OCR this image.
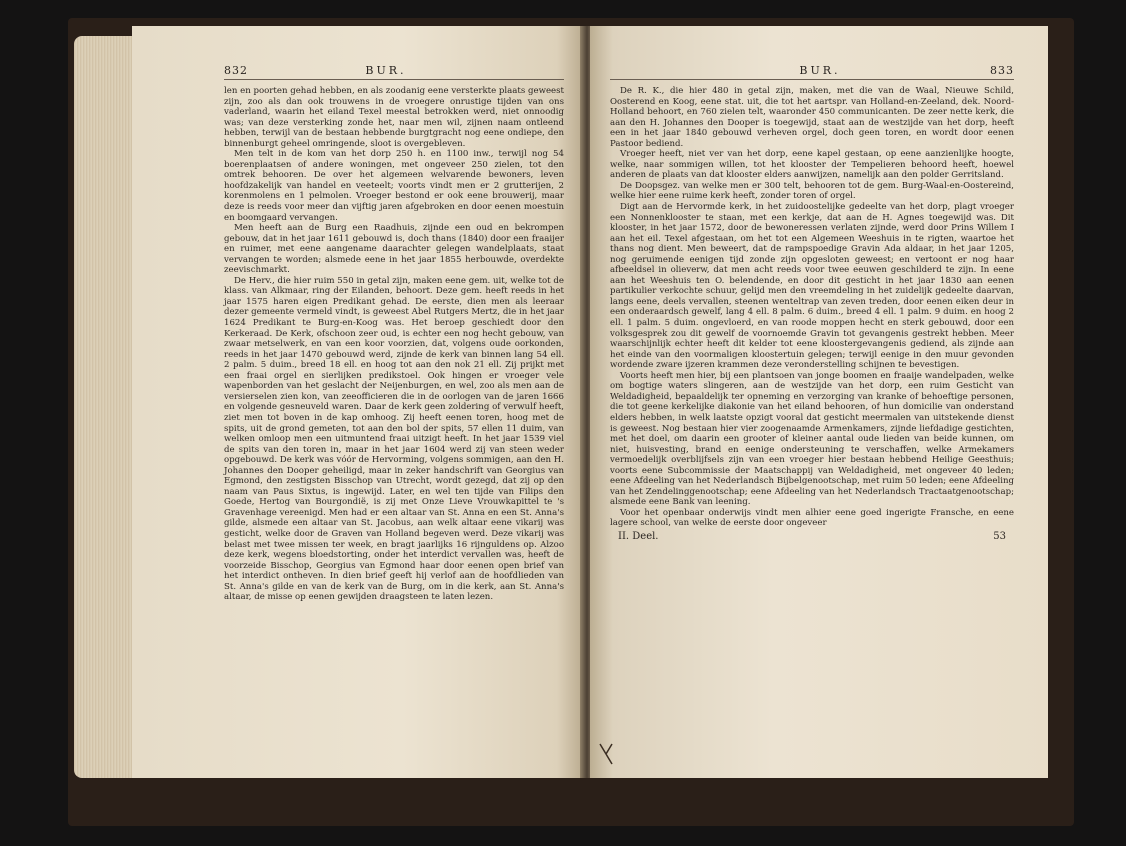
832	BUR.

len en poorten gehad hebben, en als zoodanig eene versterkte plaats geweest zijn, zoo als dan ook trouwens in de vroegere onrustige tijden van ons vaderland, waarin het eiland Texel meestal betrokken werd, niet onnoodig was; van deze versterking zonde het, naar men wil, zijnen naam ontleend hebben, terwijl van de bestaan hebbende burgtgracht nog eene ondiepe, den binnenburgt geheel omringende, sloot is overgebleven.

Men telt in de kom van het dorp 250 h. en 1100 inw., terwijl nog 54 boerenplaatsen of andere woningen, met ongeveer 250 zielen, tot den omtrek behooren. De over het algemeen welvarende bewoners, leven hoofdzakelijk van handel en veeteelt; voorts vindt men er 2 grutterijen, 2 korenmolens en 1 pelmolen. Vroeger bestond er ook eene brouwerij, maar deze is reeds voor meer dan vijftig jaren afgebroken en door eenen moestuin en boomgaard vervangen.

Men heeft aan de Burg een Raadhuis, zijnde een oud en bekrompen gebouw, dat in het jaar 1611 gebouwd is, doch thans (1840) door een fraaijer en ruimer, met eene aangename daarachter gelegen wandelplaats, staat vervangen te worden; alsmede eene in het jaar 1855 herbouwde, overdekte zeevischmarkt.

De Herv., die hier ruim 550 in getal zijn, maken eene gem. uit, welke tot de klass. van Alkmaar, ring der Eilanden, behoort. Deze gem. heeft reeds in het jaar 1575 haren eigen Predikant gehad. De eerste, dien men als leeraar dezer gemeente vermeld vindt, is geweest Abel Rutgers Mertz, die in het jaar 1624 Predikant te Burg-en-Koog was. Het beroep geschiedt door den Kerkeraad. De Kerk, ofschoon zeer oud, is echter een nog hecht gebouw, van zwaar metselwerk, en van een koor voorzien, dat, volgens oude oorkonden, reeds in het jaar 1470 gebouwd werd, zijnde de kerk van binnen lang 54 ell. 2 palm. 5 duim., breed 18 ell. en hoog tot aan den nok 21 ell. Zij prijkt met een fraai orgel en sierlijken predikstoel. Ook hingen er vroeger vele wapenborden van het geslacht der Neijenburgen, en wel, zoo als men aan de versierselen zien kon, van zeeofficieren die in de oorlogen van de jaren 1666 en volgende gesneuveld waren. Daar de kerk geen zoldering of verwulf heeft, ziet men tot boven in de kap omhoog. Zij heeft eenen toren, hoog met de spits, uit de grond gemeten, tot aan den bol der spits, 57 ellen 11 duim, van welken omloop men een uitmuntend fraai uitzigt heeft. In het jaar 1539 viel de spits van den toren in, maar in het jaar 1604 werd zij van steen weder opgebouwd. De kerk was vóór de Hervorming, volgens sommigen, aan den H. Johannes den Dooper geheiligd, maar in zeker handschrift van Georgius van Egmond, den zestigsten Bisschop van Utrecht, wordt gezegd, dat zij op den naam van Paus Sixtus, is ingewijd. Later, en wel ten tijde van Filips den Goede, Hertog van Bourgondië, is zij met Onze Lieve Vrouwkapittel te 's Gravenhage vereenigd. Men had er een altaar van St. Anna en een St. Anna's gilde, alsmede een altaar van St. Jacobus, aan welk altaar eene vikarij was gesticht, welke door de Graven van Holland begeven werd. Deze vikarij was belast met twee missen ter week, en bragt jaarlijks 16 rijnguldens op. Alzoo deze kerk, wegens bloedstorting, onder het interdict vervallen was, heeft de voorzeide Bisschop, Georgius van Egmond haar door eenen open brief van het interdict ontheven. In dien brief geeft hij verlof aan de hoofdlieden van St. Anna's gilde en van de kerk van de Burg, om in die kerk, aan St. Anna's altaar, de misse op eenen gewijden draagsteen te laten lezen.

BUR.	833

De R. K., die hier 480 in getal zijn, maken, met die van de Waal, Nieuwe Schild, Oosterend en Koog, eene stat. uit, die tot het aartspr. van Holland-en-Zeeland, dek. Noord-Holland behoort, en 760 zielen telt, waaronder 450 communicanten. De zeer nette kerk, die aan den H. Johannes den Dooper is toegewijd, staat aan de westzijde van het dorp, heeft een in het jaar 1840 gebouwd verheven orgel, doch geen toren, en wordt door eenen Pastoor bediend.

Vroeger heeft, niet ver van het dorp, eene kapel gestaan, op eene aanzienlijke hoogte, welke, naar sommigen willen, tot het klooster der Tempelieren behoord heeft, hoewel anderen de plaats van dat klooster elders aanwijzen, namelijk aan den polder Gerritsland.

De Doopsgez. van welke men er 300 telt, behooren tot de gem. Burg-Waal-en-Oostereind, welke hier eene ruime kerk heeft, zonder toren of orgel.

Digt aan de Hervormde kerk, in het zuidoostelijke gedeelte van het dorp, plagt vroeger een Nonnenklooster te staan, met een kerkje, dat aan de H. Agnes toegewijd was. Dit klooster, in het jaar 1572, door de bewoneressen verlaten zijnde, werd door Prins Willem I aan het eil. Texel afgestaan, om het tot een Algemeen Weeshuis in te rigten, waartoe het thans nog dient. Men beweert, dat de rampspoedige Gravin Ada aldaar, in het jaar 1205, nog geruimende eenigen tijd zonde zijn opgesloten geweest; en vertoont er nog haar afbeeldsel in olieverw, dat men acht reeds voor twee eeuwen geschilderd te zijn. In eene aan het Weeshuis ten O. belendende, en door dit gesticht in het jaar 1830 aan eenen partikulier verkochte schuur, gelijd men den vreemdeling in het zuidelijk gedeelte daarvan, langs eene, deels vervallen, steenen wenteltrap van zeven treden, door eenen eiken deur in een onderaardsch gewelf, lang 4 ell. 8 palm. 6 duim., breed 4 ell. 1 palm. 9 duim. en hoog 2 ell. 1 palm. 5 duim. ongevloerd, en van roode moppen hecht en sterk gebouwd, door een volksgesprek zou dit gewelf de voornoemde Gravin tot gevangenis gestrekt hebben. Meer waarschijnlijk echter heeft dit kelder tot eene kloostergevangenis gediend, als zijnde aan het einde van den voormaligen kloostertuin gelegen; terwijl eenige in den muur gevonden wordende zware ijzeren krammen deze veronderstelling schijnen te bevestigen.

Voorts heeft men hier, bij een plantsoen van jonge boomen en fraaije wandelpaden, welke om bogtige waters slingeren, aan de westzijde van het dorp, een ruim Gesticht van Weldadigheid, bepaaldelijk ter opneming en verzorging van kranke of behoeftige personen, die tot geene kerkelijke diakonie van het eiland behooren, of hun domicilie van onderstand elders hebben, in welk laatste opzigt vooral dat gesticht meermalen van uitstekende dienst is geweest. Nog bestaan hier vier zoogenaamde Armenkamers, zijnde liefdadige gestichten, met het doel, om daarin een grooter of kleiner aantal oude lieden van beide kunnen, om niet, huisvesting, brand en eenige ondersteuning te verschaffen, welke Armekamers vermoedelijk overblijfsels zijn van een vroeger hier bestaan hebbend Heilige Geesthuis; voorts eene Subcommissie der Maatschappij van Weldadigheid, met ongeveer 40 leden; eene Afdeeling van het Nederlandsch Bijbelgenootschap, met ruim 50 leden; eene Afdeeling van het Zendelinggenootschap; eene Afdeeling van het Nederlandsch Tractaatgenootschap; alsmede eene Bank van leening.

Voor het openbaar onderwijs vindt men alhier eene goed ingerigte Fransche, en eene lagere school, van welke de eerste door ongeveer

II. Deel.	53
